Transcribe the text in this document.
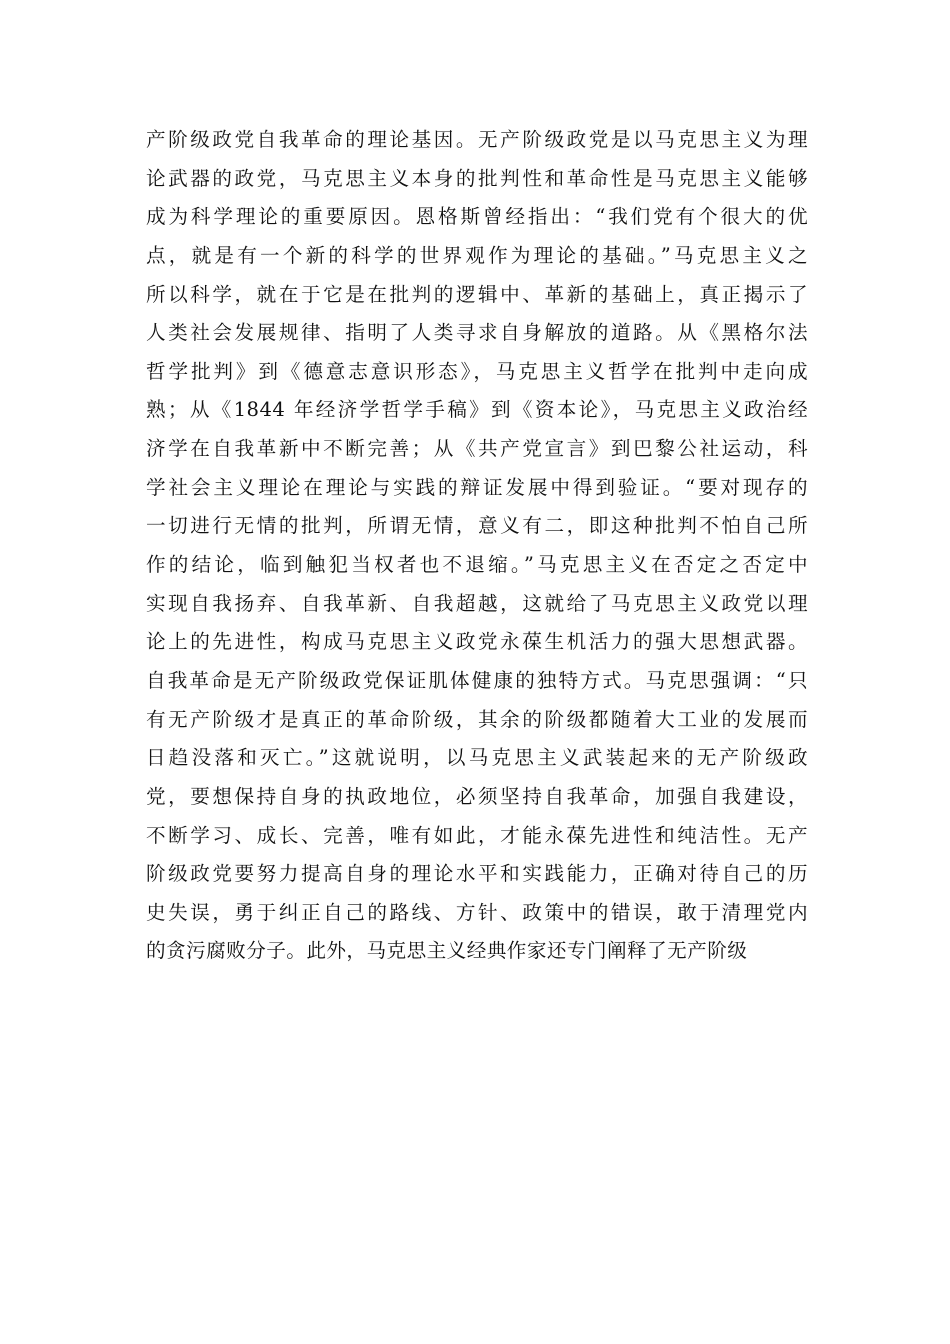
产阶级政党自我革命的理论基因。无产阶级政党是以马克思主义为理
论武器的政党，马克思主义本身的批判性和革命性是马克思主义能够
成为科学理论的重要原因。恩格斯曾经指出：“我们党有个很大的优
点，就是有一个新的科学的世界观作为理论的基础。”马克思主义之
所以科学，就在于它是在批判的逻辑中、革新的基础上，真正揭示了
人类社会发展规律、指明了人类寻求自身解放的道路。从《黑格尔法
哲学批判》到《德意志意识形态》，马克思主义哲学在批判中走向成
熟；从《1844 年经济学哲学手稿》到《资本论》，马克思主义政治经
济学在自我革新中不断完善；从《共产党宣言》到巴黎公社运动，科
学社会主义理论在理论与实践的辩证发展中得到验证。“要对现存的
一切进行无情的批判，所谓无情，意义有二，即这种批判不怕自己所
作的结论，临到触犯当权者也不退缩。”马克思主义在否定之否定中
实现自我扬弃、自我革新、自我超越，这就给了马克思主义政党以理
论上的先进性，构成马克思主义政党永葆生机活力的强大思想武器。
自我革命是无产阶级政党保证肌体健康的独特方式。马克思强调：“只
有无产阶级才是真正的革命阶级，其余的阶级都随着大工业的发展而
日趋没落和灭亡。”这就说明，以马克思主义武装起来的无产阶级政
党，要想保持自身的执政地位，必须坚持自我革命，加强自我建设，
不断学习、成长、完善，唯有如此，才能永葆先进性和纯洁性。无产
阶级政党要努力提高自身的理论水平和实践能力，正确对待自己的历
史失误，勇于纠正自己的路线、方针、政策中的错误，敢于清理党内
的贪污腐败分子。此外，马克思主义经典作家还专门阐释了无产阶级
